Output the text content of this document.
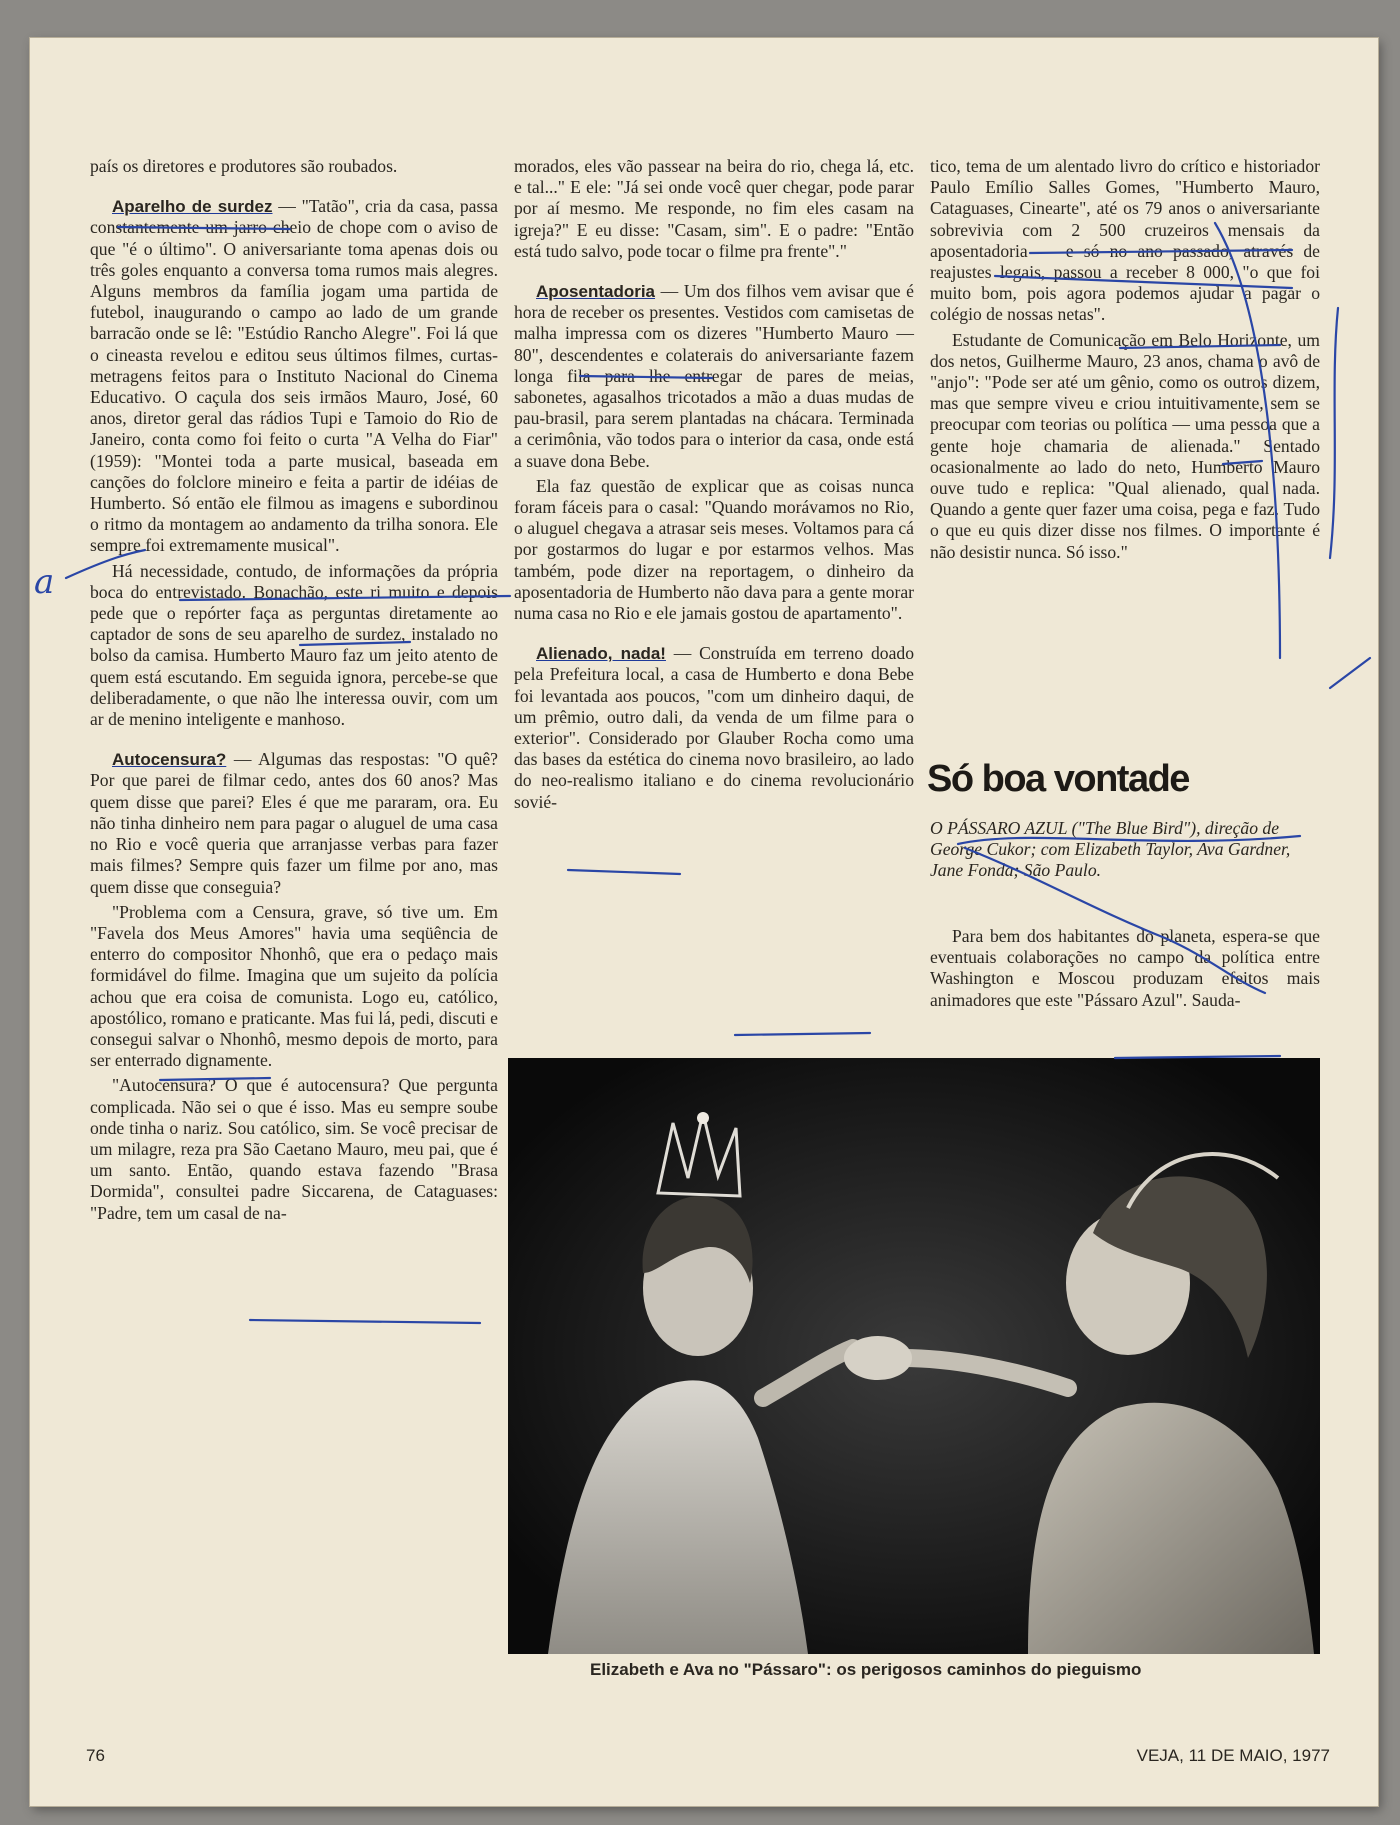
país os diretores e produtores são roubados.

Aparelho de surdez — "Tatão", cria da casa, passa constantemente um jarro cheio de chope com o aviso de que "é o último". O aniversariante toma apenas dois ou três goles enquanto a conversa toma rumos mais alegres. Alguns membros da família jogam uma partida de futebol, inaugurando o campo ao lado de um grande barracão onde se lê: "Estúdio Rancho Alegre". Foi lá que o cineasta revelou e editou seus últimos filmes, curtas-metragens feitos para o Instituto Nacional do Cinema Educativo. O caçula dos seis irmãos Mauro, José, 60 anos, diretor geral das rádios Tupi e Tamoio do Rio de Janeiro, conta como foi feito o curta "A Velha do Fiar" (1959): "Montei toda a parte musical, baseada em canções do folclore mineiro e feita a partir de idéias de Humberto. Só então ele filmou as imagens e subordinou o ritmo da montagem ao andamento da trilha sonora. Ele sempre foi extremamente musical".

Há necessidade, contudo, de informações da própria boca do entrevistado. Bonachão, este ri muito e depois pede que o repórter faça as perguntas diretamente ao captador de sons de seu aparelho de surdez, instalado no bolso da camisa. Humberto Mauro faz um jeito atento de quem está escutando. Em seguida ignora, percebe-se que deliberadamente, o que não lhe interessa ouvir, com um ar de menino inteligente e manhoso.

Autocensura? — Algumas das respostas: "O quê? Por que parei de filmar cedo, antes dos 60 anos? Mas quem disse que parei? Eles é que me pararam, ora. Eu não tinha dinheiro nem para pagar o aluguel de uma casa no Rio e você queria que arranjasse verbas para fazer mais filmes? Sempre quis fazer um filme por ano, mas quem disse que conseguia?

"Problema com a Censura, grave, só tive um. Em "Favela dos Meus Amores" havia uma seqüência de enterro do compositor Nhonhô, que era o pedaço mais formidável do filme. Imagina que um sujeito da polícia achou que era coisa de comunista. Logo eu, católico, apostólico, romano e praticante. Mas fui lá, pedi, discuti e consegui salvar o Nhonhô, mesmo depois de morto, para ser enterrado dignamente.

"Autocensura? O que é autocensura? Que pergunta complicada. Não sei o que é isso. Mas eu sempre soube onde tinha o nariz. Sou católico, sim. Se você precisar de um milagre, reza pra São Caetano Mauro, meu pai, que é um santo. Então, quando estava fazendo "Brasa Dormida", consultei padre Siccarena, de Cataguases: "Padre, tem um casal de na-

morados, eles vão passear na beira do rio, chega lá, etc. e tal..." E ele: "Já sei onde você quer chegar, pode parar por aí mesmo. Me responde, no fim eles casam na igreja?" E eu disse: "Casam, sim". E o padre: "Então está tudo salvo, pode tocar o filme pra frente"."

Aposentadoria — Um dos filhos vem avisar que é hora de receber os presentes. Vestidos com camisetas de malha impressa com os dizeres "Humberto Mauro — 80", descendentes e colaterais do aniversariante fazem longa fila para lhe entregar de pares de meias, sabonetes, agasalhos tricotados a mão a duas mudas de pau-brasil, para serem plantadas na chácara. Terminada a cerimônia, vão todos para o interior da casa, onde está a suave dona Bebe.

Ela faz questão de explicar que as coisas nunca foram fáceis para o casal: "Quando morávamos no Rio, o aluguel chegava a atrasar seis meses. Voltamos para cá por gostarmos do lugar e por estarmos velhos. Mas também, pode dizer na reportagem, o dinheiro da aposentadoria de Humberto não dava para a gente morar numa casa no Rio e ele jamais gostou de apartamento".

Alienado, nada! — Construída em terreno doado pela Prefeitura local, a casa de Humberto e dona Bebe foi levantada aos poucos, "com um dinheiro daqui, de um prêmio, outro dali, da venda de um filme para o exterior". Considerado por Glauber Rocha como uma das bases da estética do cinema novo brasileiro, ao lado do neo-realismo italiano e do cinema revolucionário sovié-

tico, tema de um alentado livro do crítico e historiador Paulo Emílio Salles Gomes, "Humberto Mauro, Cataguases, Cinearte", até os 79 anos o aniversariante sobrevivia com 2 500 cruzeiros mensais da aposentadoria — e só no ano passado, através de reajustes legais, passou a receber 8 000, "o que foi muito bom, pois agora podemos ajudar a pagar o colégio de nossas netas".

Estudante de Comunicação em Belo Horizonte, um dos netos, Guilherme Mauro, 23 anos, chama o avô de "anjo": "Pode ser até um gênio, como os outros dizem, mas que sempre viveu e criou intuitivamente, sem se preocupar com teorias ou política — uma pessoa que a gente hoje chamaria de alienada." Sentado ocasionalmente ao lado do neto, Humberto Mauro ouve tudo e replica: "Qual alienado, qual nada. Quando a gente quer fazer uma coisa, pega e faz. Tudo o que eu quis dizer disse nos filmes. O importante é não desistir nunca. Só isso."

Só boa vontade
O PÁSSARO AZUL ("The Blue Bird"), direção de George Cukor; com Elizabeth Taylor, Ava Gardner, Jane Fonda; São Paulo.

Para bem dos habitantes do planeta, espera-se que eventuais colaborações no campo da política entre Washington e Moscou produzam efeitos mais animadores que este "Pássaro Azul". Sauda-

Elizabeth e Ava no "Pássaro": os perigosos caminhos do pieguismo
76	VEJA, 11 DE MAIO, 1977
a
